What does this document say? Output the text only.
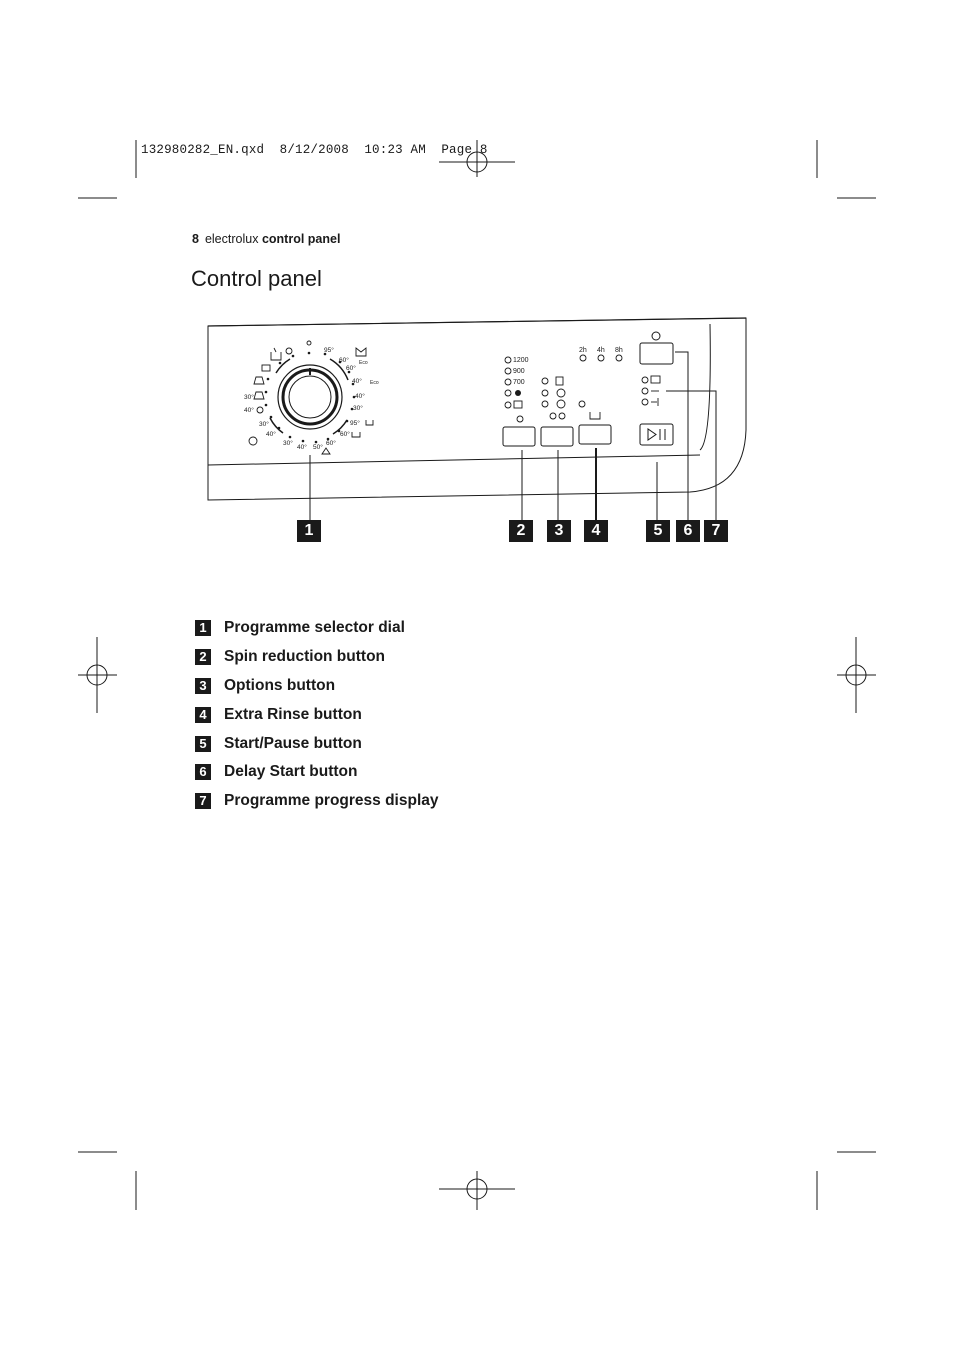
132980282_EN.qxd  8/12/2008  10:23 AM  Page 8
8 electrolux control panel
Control panel
95°
60°
60°
40°
40°
30°
95°
60°
60°
50°
40°
30°
40°
30°
40°
30°
Eco
Eco
1200
900
700
2h 4h 8h
1	2	3	4	5	6	7
1 Programme selector dial
2 Spin reduction button
3 Options button
4 Extra Rinse button
5 Start/Pause button
6 Delay Start button
7 Programme progress display
